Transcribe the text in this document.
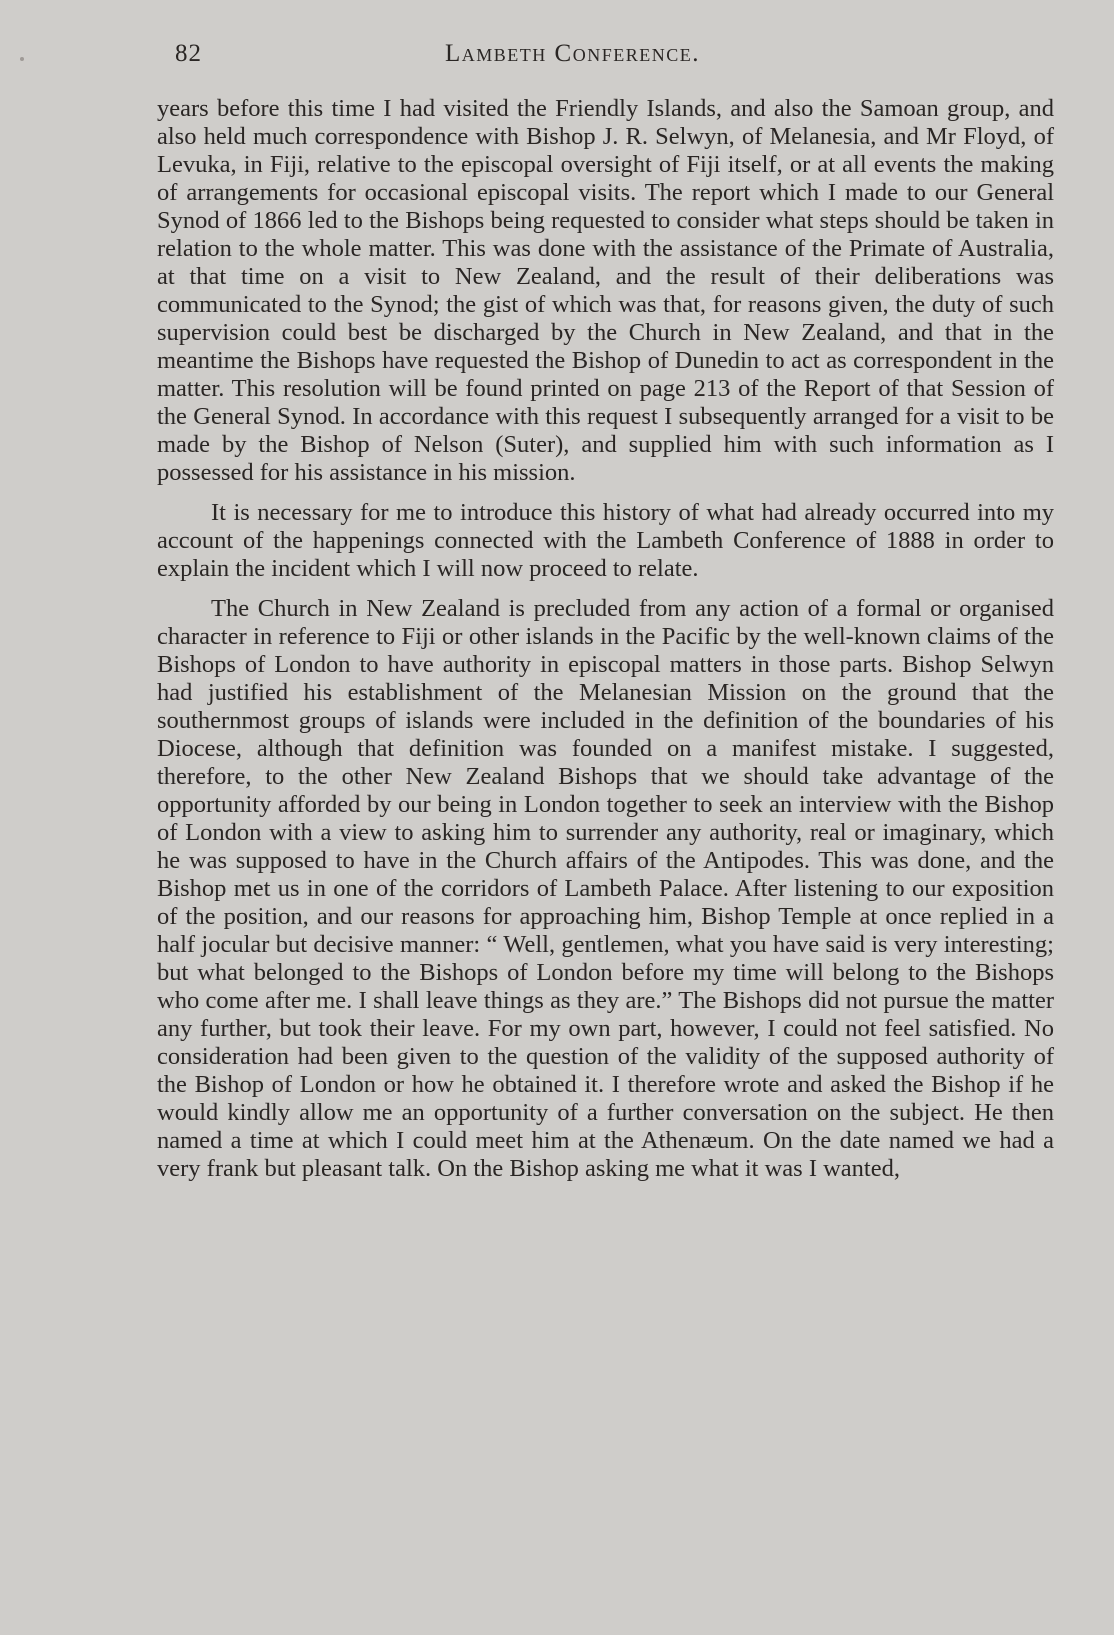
82	Lambeth Conference.

years before this time I had visited the Friendly Islands, and also the Samoan group, and also held much correspondence with Bishop J. R. Selwyn, of Melanesia, and Mr Floyd, of Levuka, in Fiji, relative to the episcopal oversight of Fiji itself, or at all events the making of arrangements for occasional episcopal visits. The report which I made to our General Synod of 1866 led to the Bishops being requested to consider what steps should be taken in relation to the whole matter. This was done with the assistance of the Primate of Australia, at that time on a visit to New Zealand, and the result of their deliberations was communicated to the Synod; the gist of which was that, for reasons given, the duty of such supervision could best be discharged by the Church in New Zealand, and that in the meantime the Bishops have requested the Bishop of Dunedin to act as correspondent in the matter. This resolution will be found printed on page 213 of the Report of that Session of the General Synod. In accordance with this request I subsequently arranged for a visit to be made by the Bishop of Nelson (Suter), and supplied him with such information as I possessed for his assistance in his mission.

It is necessary for me to introduce this history of what had already occurred into my account of the happenings connected with the Lambeth Conference of 1888 in order to explain the incident which I will now proceed to relate.

The Church in New Zealand is precluded from any action of a formal or organised character in reference to Fiji or other islands in the Pacific by the well-known claims of the Bishops of London to have authority in episcopal matters in those parts. Bishop Selwyn had justified his establishment of the Melanesian Mission on the ground that the southernmost groups of islands were included in the definition of the boundaries of his Diocese, although that definition was founded on a manifest mistake. I suggested, therefore, to the other New Zealand Bishops that we should take advantage of the opportunity afforded by our being in London together to seek an interview with the Bishop of London with a view to asking him to surrender any authority, real or imaginary, which he was supposed to have in the Church affairs of the Antipodes. This was done, and the Bishop met us in one of the corridors of Lambeth Palace. After listening to our exposition of the position, and our reasons for approaching him, Bishop Temple at once replied in a half jocular but decisive manner: “ Well, gentlemen, what you have said is very interesting; but what belonged to the Bishops of London before my time will belong to the Bishops who come after me. I shall leave things as they are.” The Bishops did not pursue the matter any further, but took their leave. For my own part, however, I could not feel satisfied. No consideration had been given to the question of the validity of the supposed authority of the Bishop of London or how he obtained it. I therefore wrote and asked the Bishop if he would kindly allow me an opportunity of a further conversation on the subject. He then named a time at which I could meet him at the Athenæum. On the date named we had a very frank but pleasant talk. On the Bishop asking me what it was I wanted,
